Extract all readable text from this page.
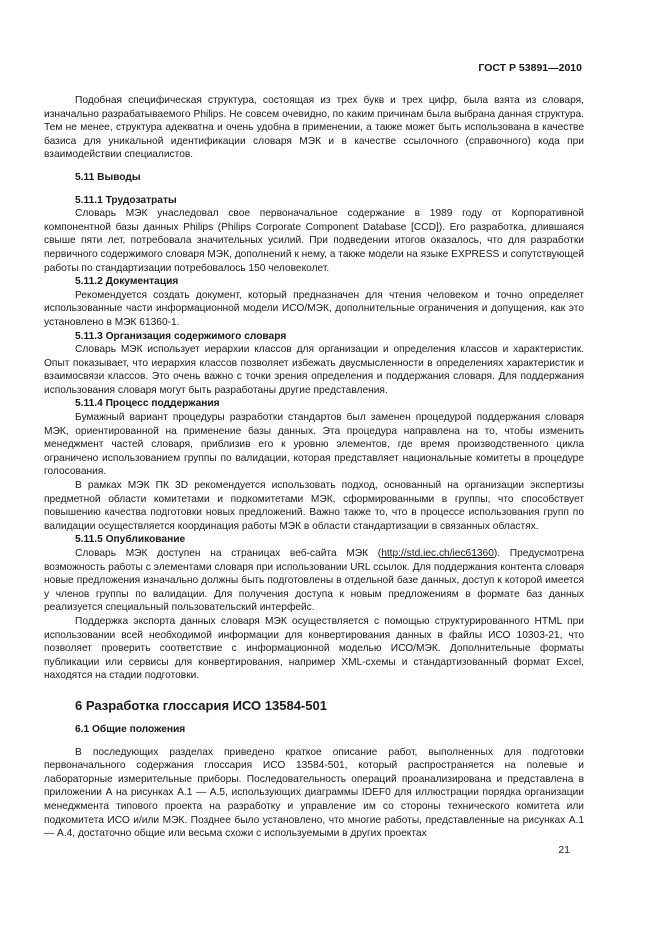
ГОСТ Р 53891—2010

Подобная специфическая структура, состоящая из трех букв и трех цифр, была взята из словаря, изначально разрабатываемого Philips. Не совсем очевидно, по каким причинам была выбрана данная структура. Тем не менее, структура адекватна и очень удобна в применении, а также может быть использована в качестве базиса для уникальной идентификации словаря МЭК и в качестве ссылочного (справочного) кода при взаимодействии специалистов.

5.11 Выводы
5.11.1 Трудозатраты

Словарь МЭК унаследовал свое первоначальное содержание в 1989 году от Корпоративной компонентной базы данных Philips (Philips Corporate Component Database [CCD]). Его разработка, длившаяся свыше пяти лет, потребовала значительных усилий. При подведении итогов оказалось, что для разработки первичного содержимого словаря МЭК, дополнений к нему, а также модели на языке EXPRESS и сопутствующей работы по стандартизации потребовалось 150 человеколет.

5.11.2 Документация

Рекомендуется создать документ, который предназначен для чтения человеком и точно определяет использованные части информационной модели ИСО/МЭК, дополнительные ограничения и допущения, как это установлено в МЭК 61360-1.

5.11.3 Организация содержимого словаря

Словарь МЭК использует иерархии классов для организации и определения классов и характеристик. Опыт показывает, что иерархия классов позволяет избежать двусмысленности в определениях характеристик и взаимосвязи классов. Это очень важно с точки зрения определения и поддержания словаря. Для поддержания использования словаря могут быть разработаны другие представления.

5.11.4 Процесс поддержания

Бумажный вариант процедуры разработки стандартов был заменен процедурой поддержания словаря МЭК, ориентированной на применение базы данных. Эта процедура направлена на то, чтобы изменить менеджмент частей словаря, приблизив его к уровню элементов, где время производственного цикла ограничено использованием группы по валидации, которая представляет национальные комитеты в процедуре голосования.

В рамках МЭК ПК 3D рекомендуется использовать подход, основанный на организации экспертизы предметной области комитетами и подкомитетами МЭК, сформированными в группы, что способствует повышению качества подготовки новых предложений. Важно также то, что в процессе использования групп по валидации осуществляется координация работы МЭК в области стандартизации в связанных областях.

5.11.5 Опубликование

Словарь МЭК доступен на страницах веб-сайта МЭК (http://std.iec.ch/iec61360). Предусмотрена возможность работы с элементами словаря при использовании URL ссылок. Для поддержания контента словаря новые предложения изначально должны быть подготовлены в отдельной базе данных, доступ к которой имеется у членов группы по валидации. Для получения доступа к новым предложениям в формате баз данных реализуется специальный пользовательский интерфейс.

Поддержка экспорта данных словаря МЭК осуществляется с помощью структурированного HTML при использовании всей необходимой информации для конвертирования данных в файлы ИСО 10303-21, что позволяет проверить соответствие с информационной моделью ИСО/МЭК. Дополнительные форматы публикации или сервисы для конвертирования, например XML-схемы и стандартизованный формат Excel, находятся на стадии подготовки.

6 Разработка глоссария ИСО 13584-501
6.1 Общие положения

В последующих разделах приведено краткое описание работ, выполненных для подготовки первоначального содержания глоссария ИСО 13584-501, который распространяется на полевые и лабораторные измерительные приборы. Последовательность операций проанализирована и представлена в приложении А на рисунках А.1 — А.5, использующих диаграммы IDEF0 для иллюстрации порядка организации менеджмента типового проекта на разработку и управление им со стороны технического комитета или подкомитета ИСО и/или МЭК. Позднее было установлено, что многие работы, представленные на рисунках А.1 — А.4, достаточно общие или весьма схожи с используемыми в других проектах

21
